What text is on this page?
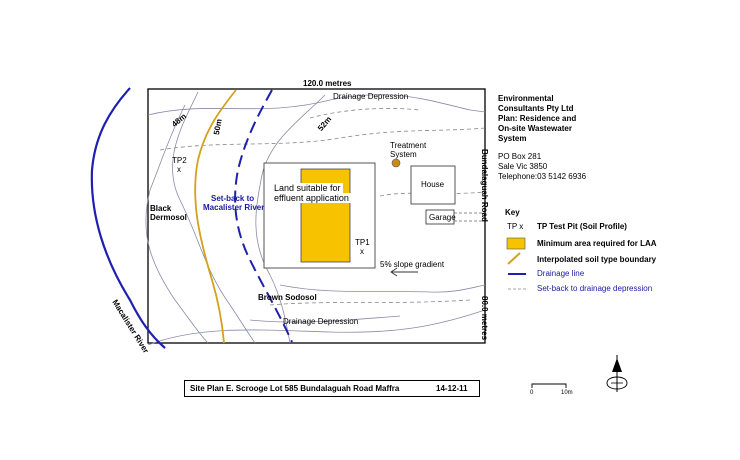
120.0 metres
Bundalaguah Road
80.0 metres
Macalister River
Drainage Depression
Drainage Depression
48m	50m	52m
TP2
x
TP1
x
Black
Dermosol
Brown Sodosol
Set-back to
Macalister River
Land suitable for
effluent application
Treatment
System
House
Garage
5% slope gradient
Environmental
Consultants Pty Ltd
Plan: Residence and
On-site Wastewater
System
PO Box 281
Sale Vic 3850
Telephone:03 5142 6936
Key
TP x TP Test Pit (Soil Profile)
Minimum area required for LAA
Interpolated soil type boundary
Drainage line
Set-back to drainage depression
Site Plan E. Scrooge Lot 585 Bundalaguah Road Maffra	14-12-11	0	10m
